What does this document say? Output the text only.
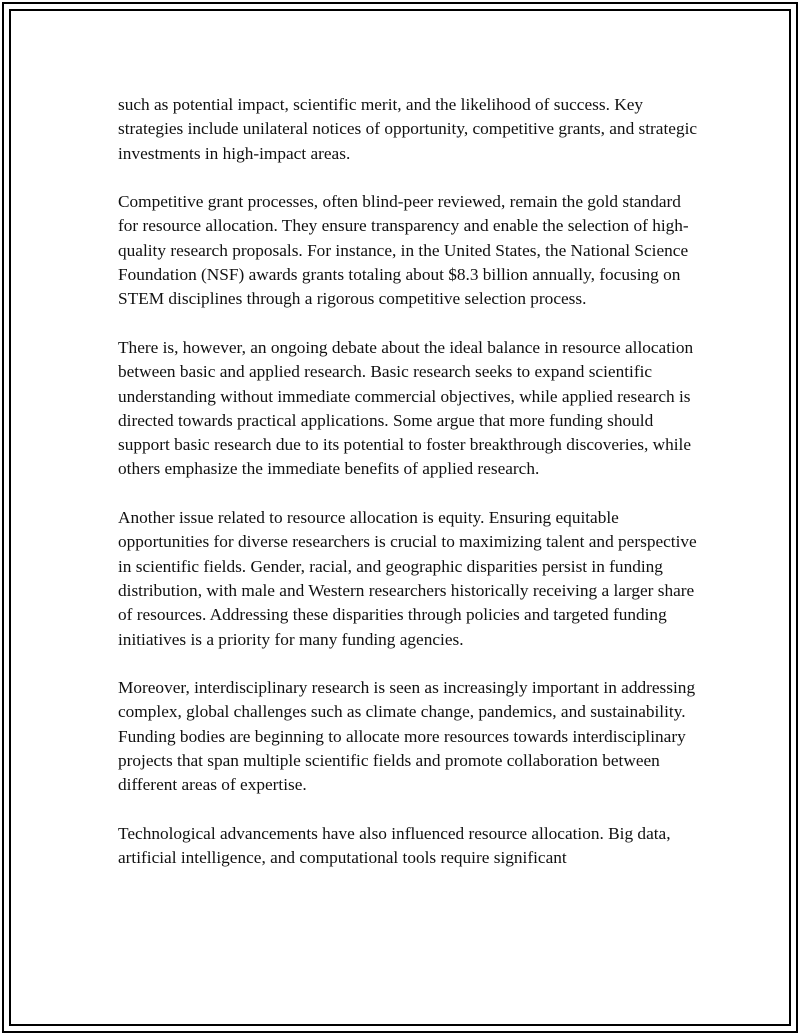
such as potential impact, scientific merit, and the likelihood of success. Key strategies include unilateral notices of opportunity, competitive grants, and strategic investments in high-impact areas.

Competitive grant processes, often blind-peer reviewed, remain the gold standard for resource allocation. They ensure transparency and enable the selection of high-quality research proposals. For instance, in the United States, the National Science Foundation (NSF) awards grants totaling about $8.3 billion annually, focusing on STEM disciplines through a rigorous competitive selection process.

There is, however, an ongoing debate about the ideal balance in resource allocation between basic and applied research. Basic research seeks to expand scientific understanding without immediate commercial objectives, while applied research is directed towards practical applications. Some argue that more funding should support basic research due to its potential to foster breakthrough discoveries, while others emphasize the immediate benefits of applied research.

Another issue related to resource allocation is equity. Ensuring equitable opportunities for diverse researchers is crucial to maximizing talent and perspective in scientific fields. Gender, racial, and geographic disparities persist in funding distribution, with male and Western researchers historically receiving a larger share of resources. Addressing these disparities through policies and targeted funding initiatives is a priority for many funding agencies.

Moreover, interdisciplinary research is seen as increasingly important in addressing complex, global challenges such as climate change, pandemics, and sustainability. Funding bodies are beginning to allocate more resources towards interdisciplinary projects that span multiple scientific fields and promote collaboration between different areas of expertise.

Technological advancements have also influenced resource allocation. Big data, artificial intelligence, and computational tools require significant
